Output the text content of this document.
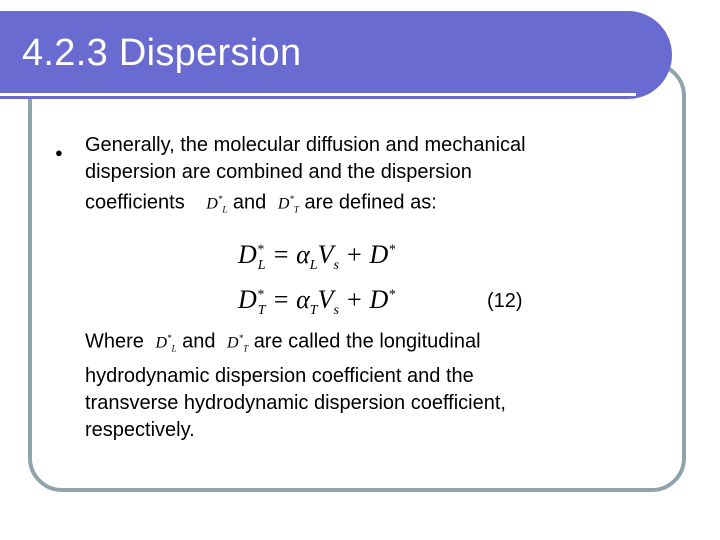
4.2.3 Dispersion
● Generally, the molecular diffusion and mechanical
dispersion are combined and the dispersion
coefficients $D^*_L$ and $D^*_T$ are defined as:
$D^*_L = \alpha_LV_s + D^*$
$D^*_T = \alpha_TV_s + D^*$	(12)
Where $D^*_L$ and $D^*_T$ are called the longitudinal
hydrodynamic dispersion coefficient and the
transverse hydrodynamic dispersion coefficient,
respectively.
